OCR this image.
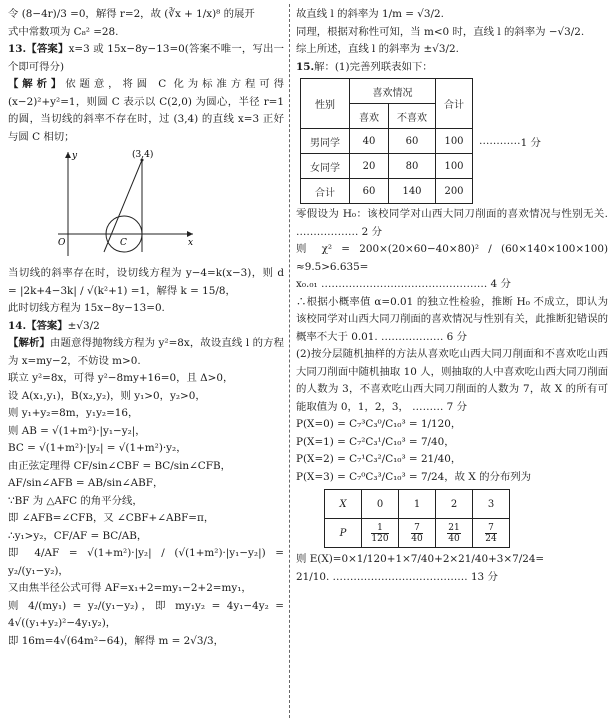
令 (8−4r)/3 =0，解得 r=2，故 (∛x + 1/x)⁸ 的展开

式中常数项为 C₈² =28.

13.【答案】x=3 或 15x−8y−13=0(答案不唯一，写出一个即可得分)

【解析】依题意，将圆 C 化为标准方程可得 (x−2)²+y²=1，则圆 C 表示以 C(2,0) 为圆心，半径 r=1 的圆，当切线的斜率不存在时，过 (3,4) 的直线 x=3 正好与圆 C 相切；

(3,4)
O	C	x
y

当切线的斜率存在时，设切线方程为 y−4=k(x−3)，则 d = |2k+4−3k| / √(k²+1) =1，解得 k = 15/8，

此时切线方程为 15x−8y−13=0.

14.【答案】±√3/2

【解析】由题意得抛物线方程为 y²=8x，故设直线 l 的方程为 x=my−2，不妨设 m>0.

联立 y²=8x，可得 y²−8my+16=0，且 Δ>0，

设 A(x₁,y₁)，B(x₂,y₂)，则 y₁>0，y₂>0，

则 y₁+y₂=8m，y₁y₂=16，

则 AB = √(1+m²)·|y₁−y₂|，

BC = √(1+m²)·|y₂| = √(1+m²)·y₂，

由正弦定理得 CF/sin∠CBF = BC/sin∠CFB，

AF/sin∠AFB = AB/sin∠ABF，

∵BF 为 △AFC 的角平分线，

即 ∠AFB=∠CFB，又 ∠CBF+∠ABF=π，

∴y₁>y₂，CF/AF = BC/AB，

即 4/AF = √(1+m²)·|y₂| / (√(1+m²)·|y₁−y₂|) = y₂/(y₁−y₂)，

又由焦半径公式可得 AF=x₁+2=my₁−2+2=my₁，

则 4/(my₁) = y₂/(y₁−y₂)，即 my₁y₂ = 4y₁−4y₂ = 4√((y₁+y₂)²−4y₁y₂)，

即 16m=4√(64m²−64)，解得 m = 2√3/3，

故直线 l 的斜率为 1/m = √3/2.

同理，根据对称性可知，当 m<0 时，直线 l 的斜率为 −√3/2.

综上所述，直线 l 的斜率为 ±√3/2.

15.解：(1)完善列联表如下：

性别	喜欢情况		合计
	喜欢	不喜欢	
男同学	40	60	100
女同学	20	80	100
合计	60	140	200
………… 1 分

零假设为 H₀：该校同学对山西大同刀削面的喜欢情况与性别无关. ……………… 2 分

则 χ² = 200×(20×60−40×80)² / (60×140×100×100) ≈9.5>6.635=

x₀.₀₁ ………………………………………… 4 分

∴根据小概率值 α=0.01 的独立性检验，推断 H₀ 不成立，即认为该校同学对山西大同刀削面的喜欢情况与性别有关，此推断犯错误的概率不大于 0.01. ……………… 6 分

(2)按分层随机抽样的方法从喜欢吃山西大同刀削面和不喜欢吃山西大同刀削面中随机抽取 10 人，则抽取的人中喜欢吃山西大同刀削面的人数为 3，不喜欢吃山西大同刀削面的人数为 7，故 X 的所有可能取值为 0，1，2，3， ……… 7 分

P(X=0) = C₇³C₃⁰/C₁₀³ = 1/120，

P(X=1) = C₇²C₃¹/C₁₀³ = 7/40，

P(X=2) = C₇¹C₃²/C₁₀³ = 21/40，

P(X=3) = C₇⁰C₃³/C₁₀³ = 7/24，故 X 的分布列为

X	0	1	2	3
P	$\frac{1}{120}$	$\frac{7}{40}$	$\frac{21}{40}$	$\frac{7}{24}$

则 E(X)=0×1/120+1×7/40+2×21/40+3×7/24=

21/10. ………………………………… 13 分
